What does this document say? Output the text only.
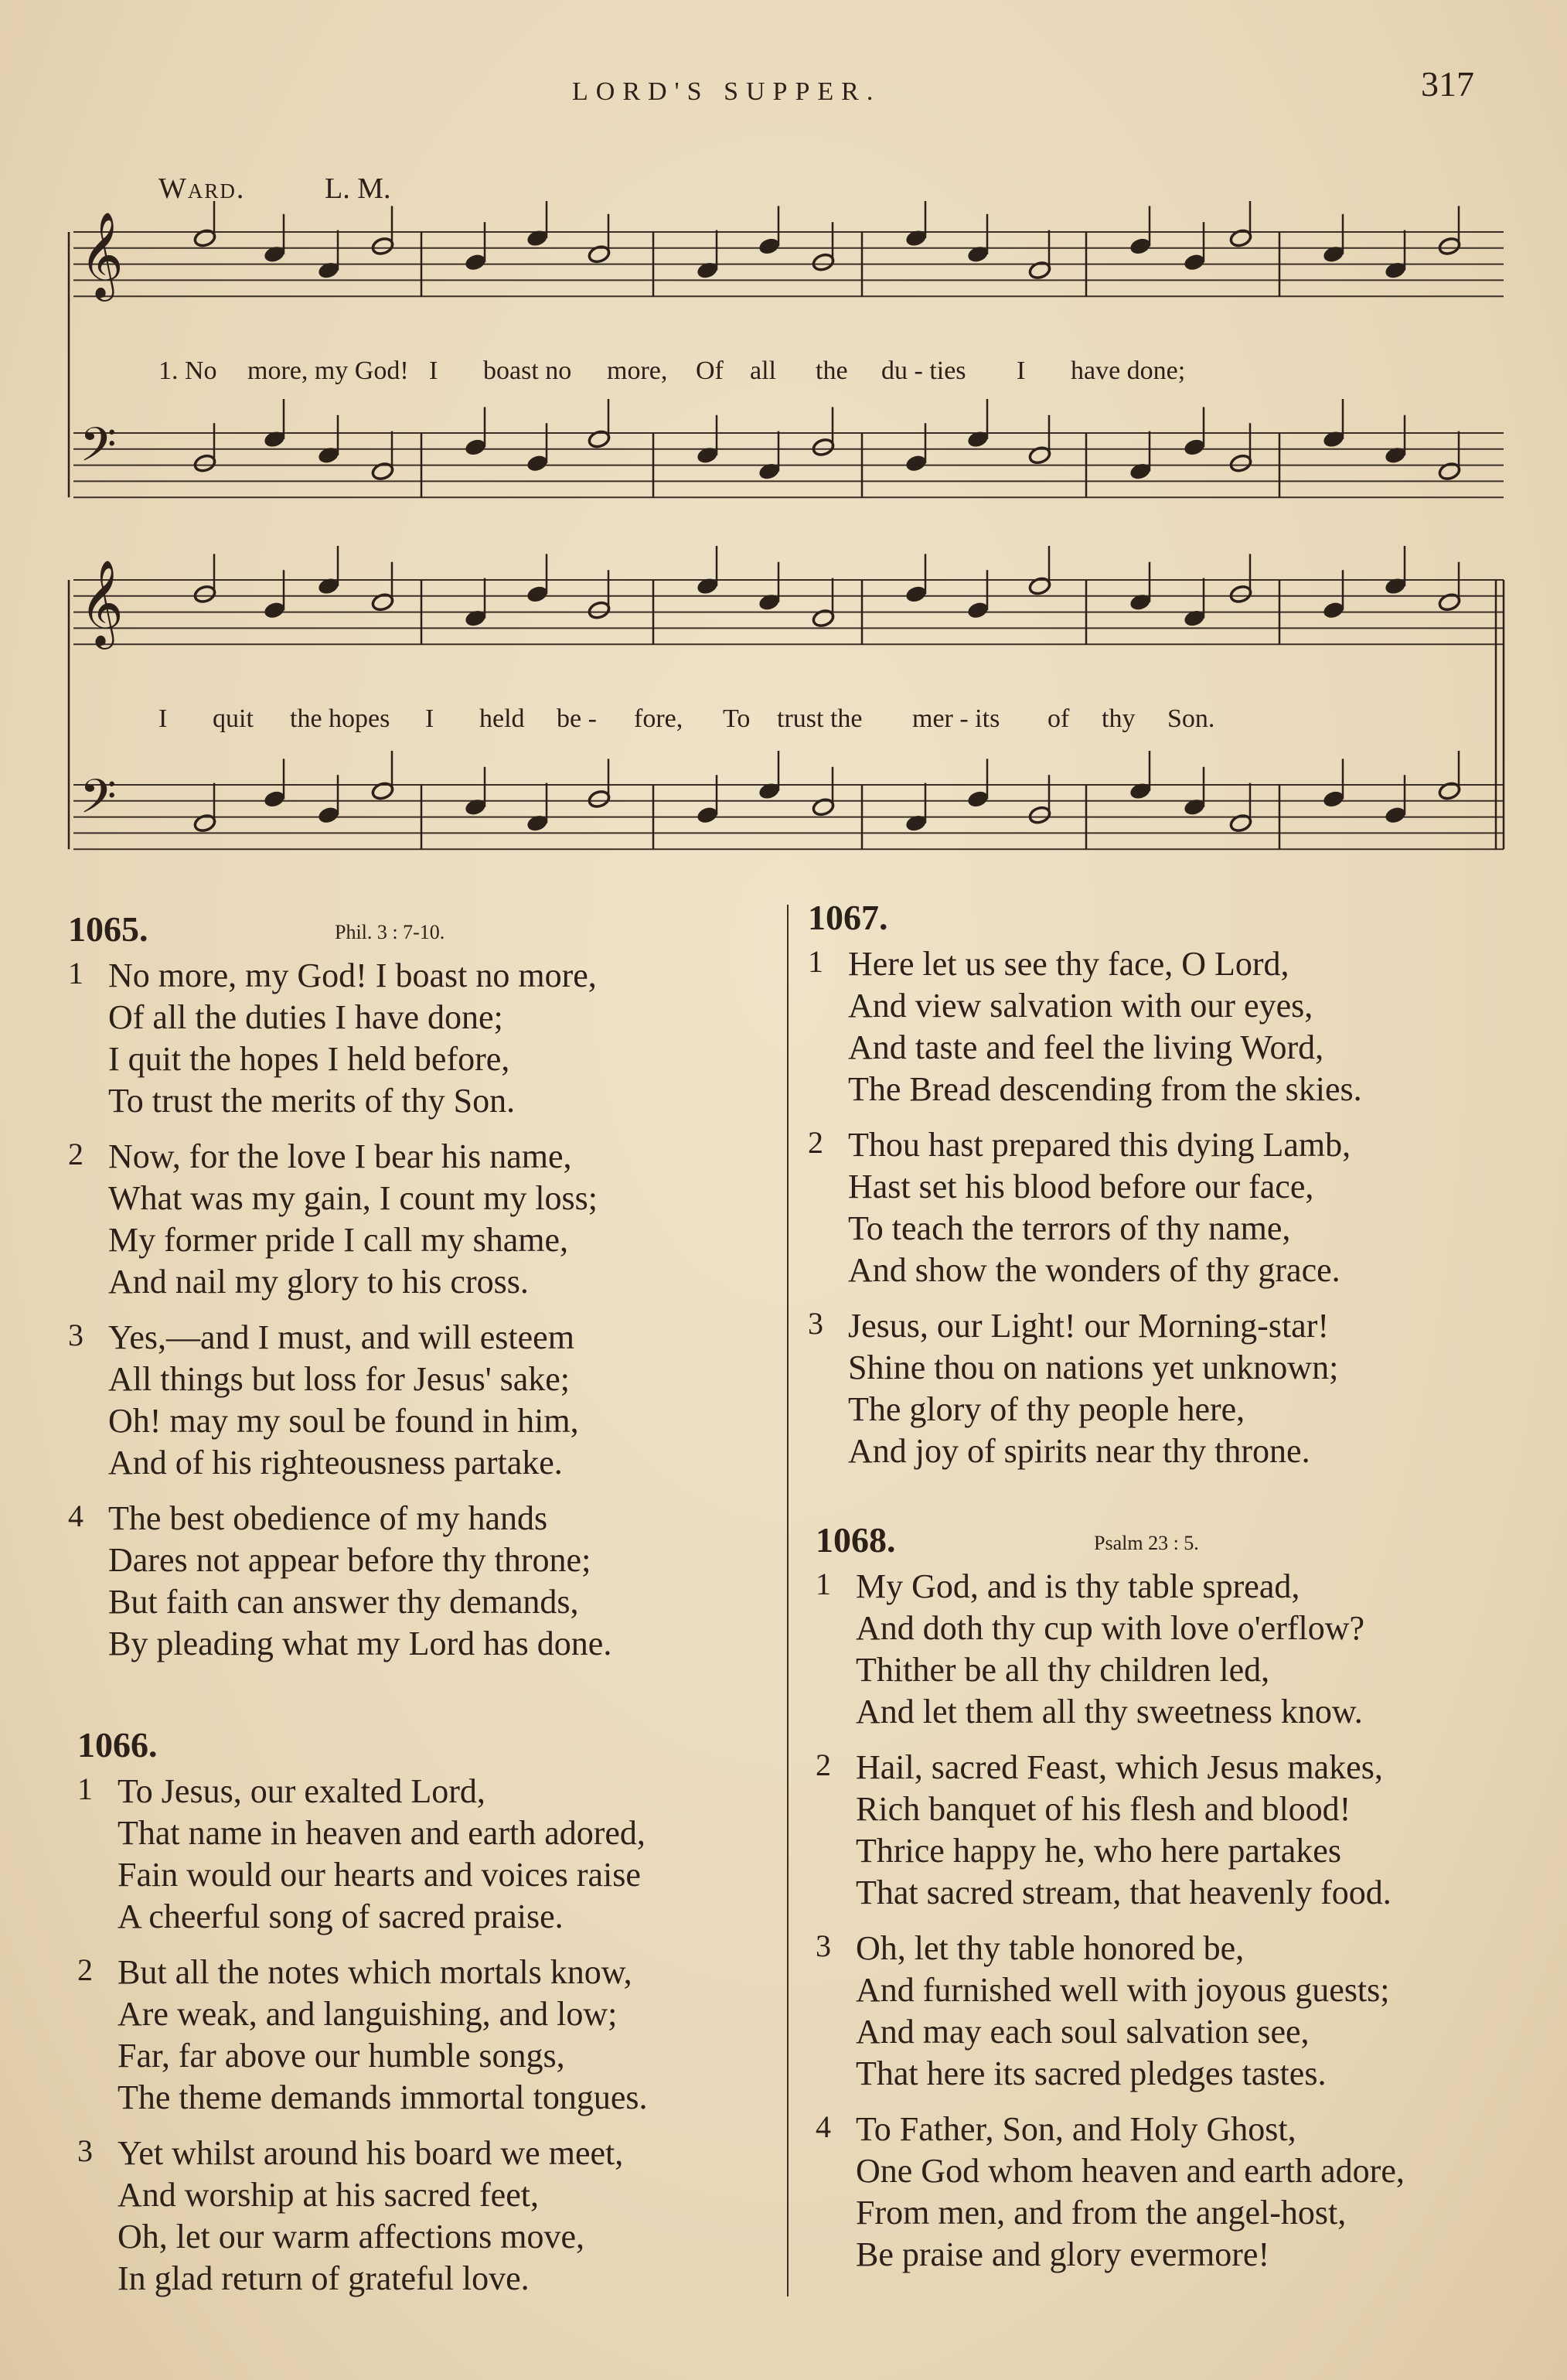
LORD'S SUPPER.	317
Ward.	L. M.
𝄞
𝄢
1. No more, my God! I boast no more, Of all the du - ties I have done;
𝄞
𝄢
I quit the hopes I held be - fore, To trust the mer - its of thy Son.
1065.	Phil. 3 : 7-10.
1 No more, my God! I boast no more,
Of all the duties I have done;
I quit the hopes I held before,
To trust the merits of thy Son.
2 Now, for the love I bear his name,
What was my gain, I count my loss;
My former pride I call my shame,
And nail my glory to his cross.
3 Yes,—and I must, and will esteem
All things but loss for Jesus' sake;
Oh! may my soul be found in him,
And of his righteousness partake.
4 The best obedience of my hands
Dares not appear before thy throne;
But faith can answer thy demands,
By pleading what my Lord has done.
1066.
1 To Jesus, our exalted Lord,
That name in heaven and earth adored,
Fain would our hearts and voices raise
A cheerful song of sacred praise.
2 But all the notes which mortals know,
Are weak, and languishing, and low;
Far, far above our humble songs,
The theme demands immortal tongues.
3 Yet whilst around his board we meet,
And worship at his sacred feet,
Oh, let our warm affections move,
In glad return of grateful love.
1067.
1 Here let us see thy face, O Lord,
And view salvation with our eyes,
And taste and feel the living Word,
The Bread descending from the skies.
2 Thou hast prepared this dying Lamb,
Hast set his blood before our face,
To teach the terrors of thy name,
And show the wonders of thy grace.
3 Jesus, our Light! our Morning-star!
Shine thou on nations yet unknown;
The glory of thy people here,
And joy of spirits near thy throne.
1068.	Psalm 23 : 5.
1 My God, and is thy table spread,
And doth thy cup with love o'erflow?
Thither be all thy children led,
And let them all thy sweetness know.
2 Hail, sacred Feast, which Jesus makes,
Rich banquet of his flesh and blood!
Thrice happy he, who here partakes
That sacred stream, that heavenly food.
3 Oh, let thy table honored be,
And furnished well with joyous guests;
And may each soul salvation see,
That here its sacred pledges tastes.
4 To Father, Son, and Holy Ghost,
One God whom heaven and earth adore,
From men, and from the angel-host,
Be praise and glory evermore!
